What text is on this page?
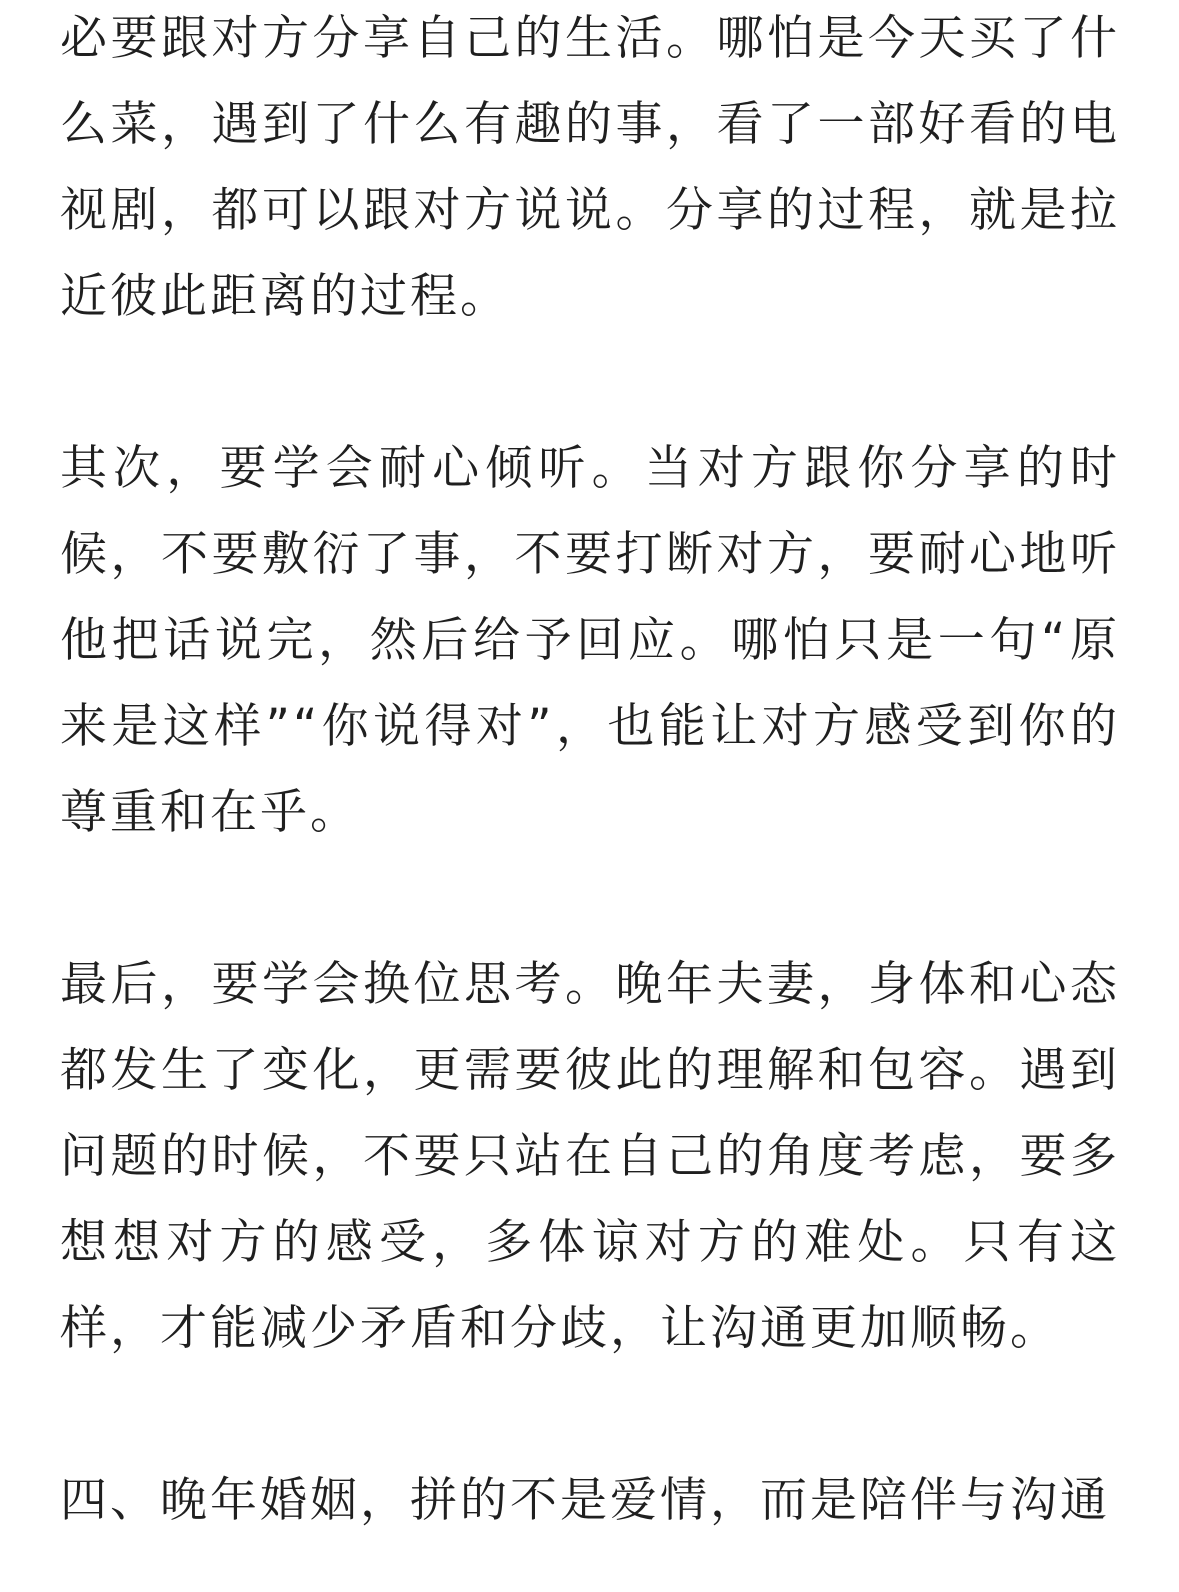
必要跟对方分享自己的生活。哪怕是今天买了什么菜，遇到了什么有趣的事，看了一部好看的电视剧，都可以跟对方说说。分享的过程，就是拉近彼此距离的过程。

其次，要学会耐心倾听。当对方跟你分享的时候，不要敷衍了事，不要打断对方，要耐心地听他把话说完，然后给予回应。哪怕只是一句“原来是这样”“你说得对”，也能让对方感受到你的尊重和在乎。

最后，要学会换位思考。晚年夫妻，身体和心态都发生了变化，更需要彼此的理解和包容。遇到问题的时候，不要只站在自己的角度考虑，要多想想对方的感受，多体谅对方的难处。只有这样，才能减少矛盾和分歧，让沟通更加顺畅。

四、晚年婚姻，拼的不是爱情，而是陪伴与沟通
